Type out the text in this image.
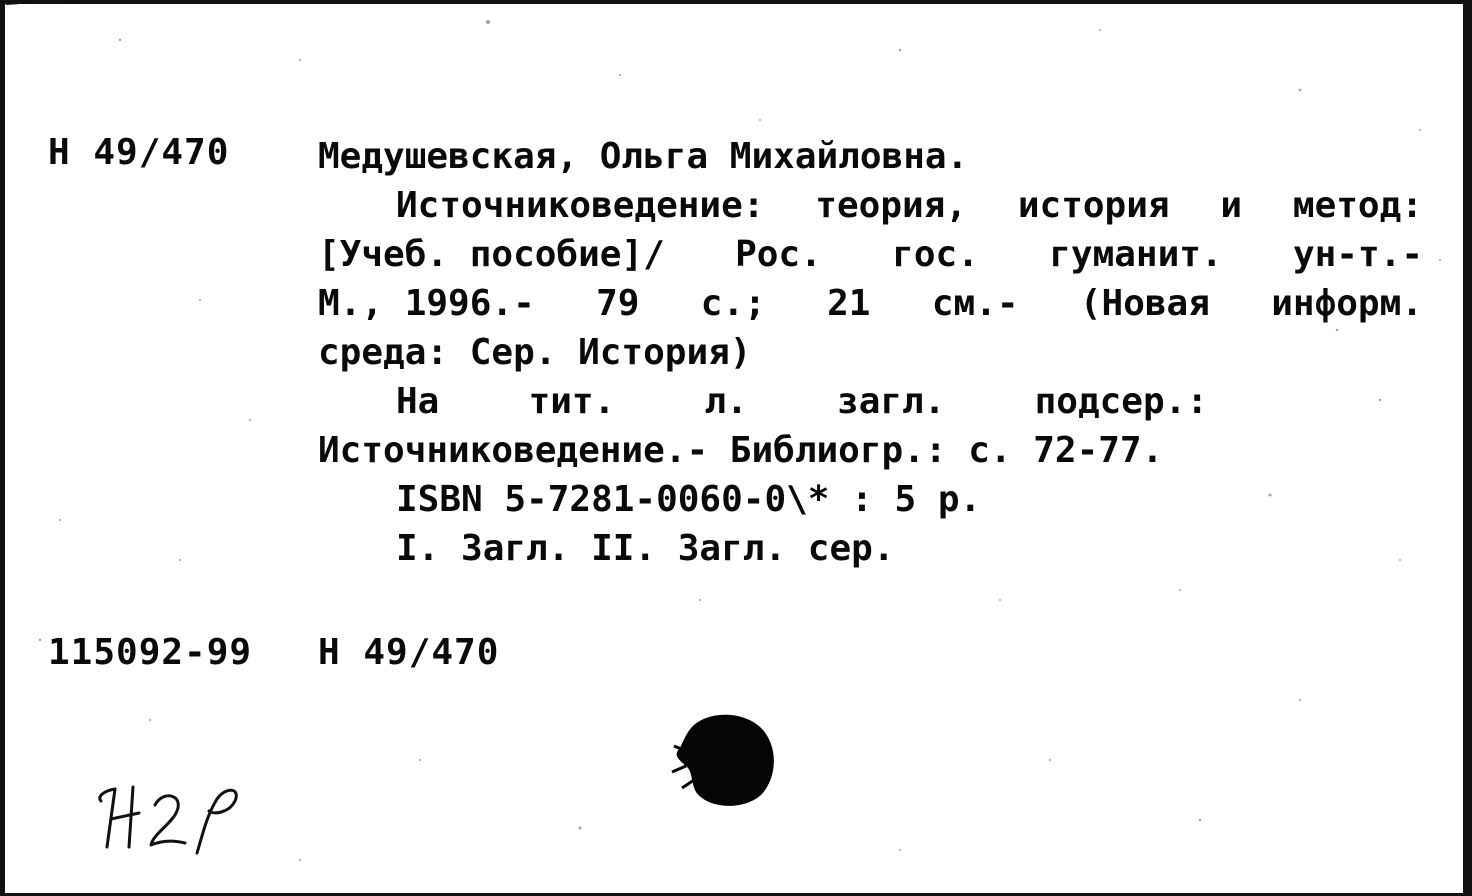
Н 49/470 Медушевская, Ольга Михайловна.
Источниковедение: теория, история и метод:
[Учеб. пособие]/ Рос. гос. гуманит. ун-т.-
М., 1996.- 79 с.; 21 см.- (Новая информ.
среда: Сер. История)
На тит. л. загл. подсер.:
Источниковедение.- Библиогр.: с. 72-77.
ISBN 5-7281-0060-0\* : 5 р.
I. Загл. II. Загл. сер.
115092-99 Н 49/470
